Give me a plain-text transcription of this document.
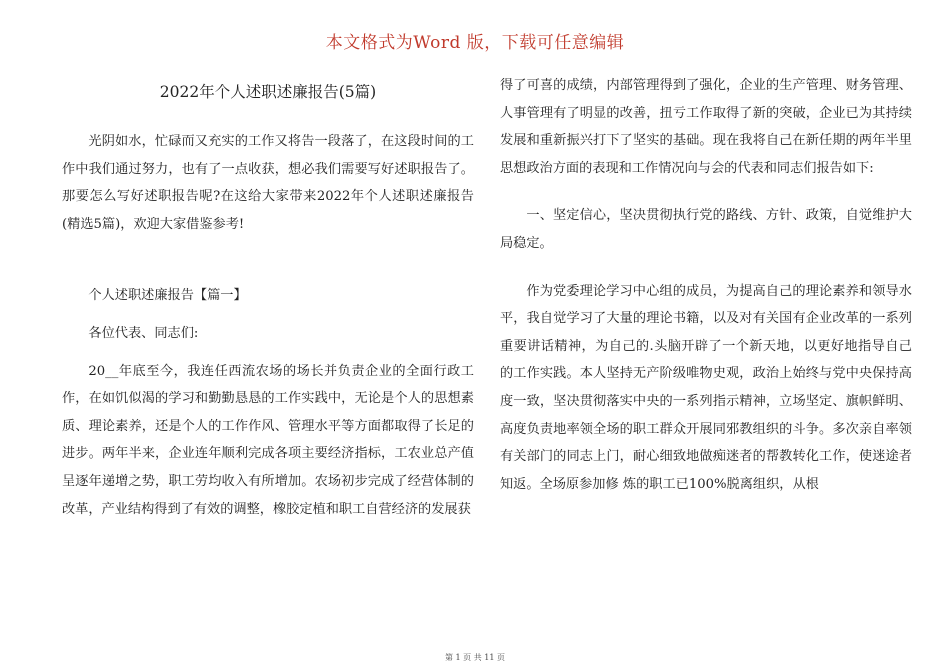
本文格式为Word 版，下载可任意编辑

2022年个人述职述廉报告(5篇)

光阴如水，忙碌而又充实的工作又将告一段落了，在这段时间的工作中我们通过努力，也有了一点收获，想必我们需要写好述职报告了。那要怎么写好述职报告呢?在这给大家带来2022年个人述职述廉报告(精选5篇)，欢迎大家借鉴参考!

个人述职述廉报告【篇一】

各位代表、同志们:

20__年底至今，我连任西流农场的场长并负责企业的全面行政工作，在如饥似渴的学习和勤勤恳恳的工作实践中，无论是个人的思想素质、理论素养，还是个人的工作作风、管理水平等方面都取得了长足的进步。两年半来，企业连年顺利完成各项主要经济指标，工农业总产值呈逐年递增之势，职工劳均收入有所增加。农场初步完成了经营体制的改革，产业结构得到了有效的调整，橡胶定植和职工自营经济的发展获

得了可喜的成绩，内部管理得到了强化，企业的生产管理、财务管理、人事管理有了明显的改善，扭亏工作取得了新的突破，企业已为其持续发展和重新振兴打下了坚实的基础。现在我将自己在新任期的两年半里思想政治方面的表现和工作情况向与会的代表和同志们报告如下:

一、坚定信心，坚决贯彻执行党的路线、方针、政策，自觉维护大局稳定。

作为党委理论学习中心组的成员，为提高自己的理论素养和领导水平，我自觉学习了大量的理论书籍，以及对有关国有企业改革的一系列重要讲话精神，为自己的.头脑开辟了一个新天地，以更好地指导自己的工作实践。本人坚持无产阶级唯物史观，政治上始终与党中央保持高度一致，坚决贯彻落实中央的一系列指示精神，立场坚定、旗帜鲜明、高度负责地率领全场的职工群众开展同邪教组织的斗争。多次亲自率领有关部门的同志上门，耐心细致地做痴迷者的帮教转化工作，使迷途者知返。全场原参加修 炼的职工已100%脱离组织，从根

第 1 页 共 11 页
